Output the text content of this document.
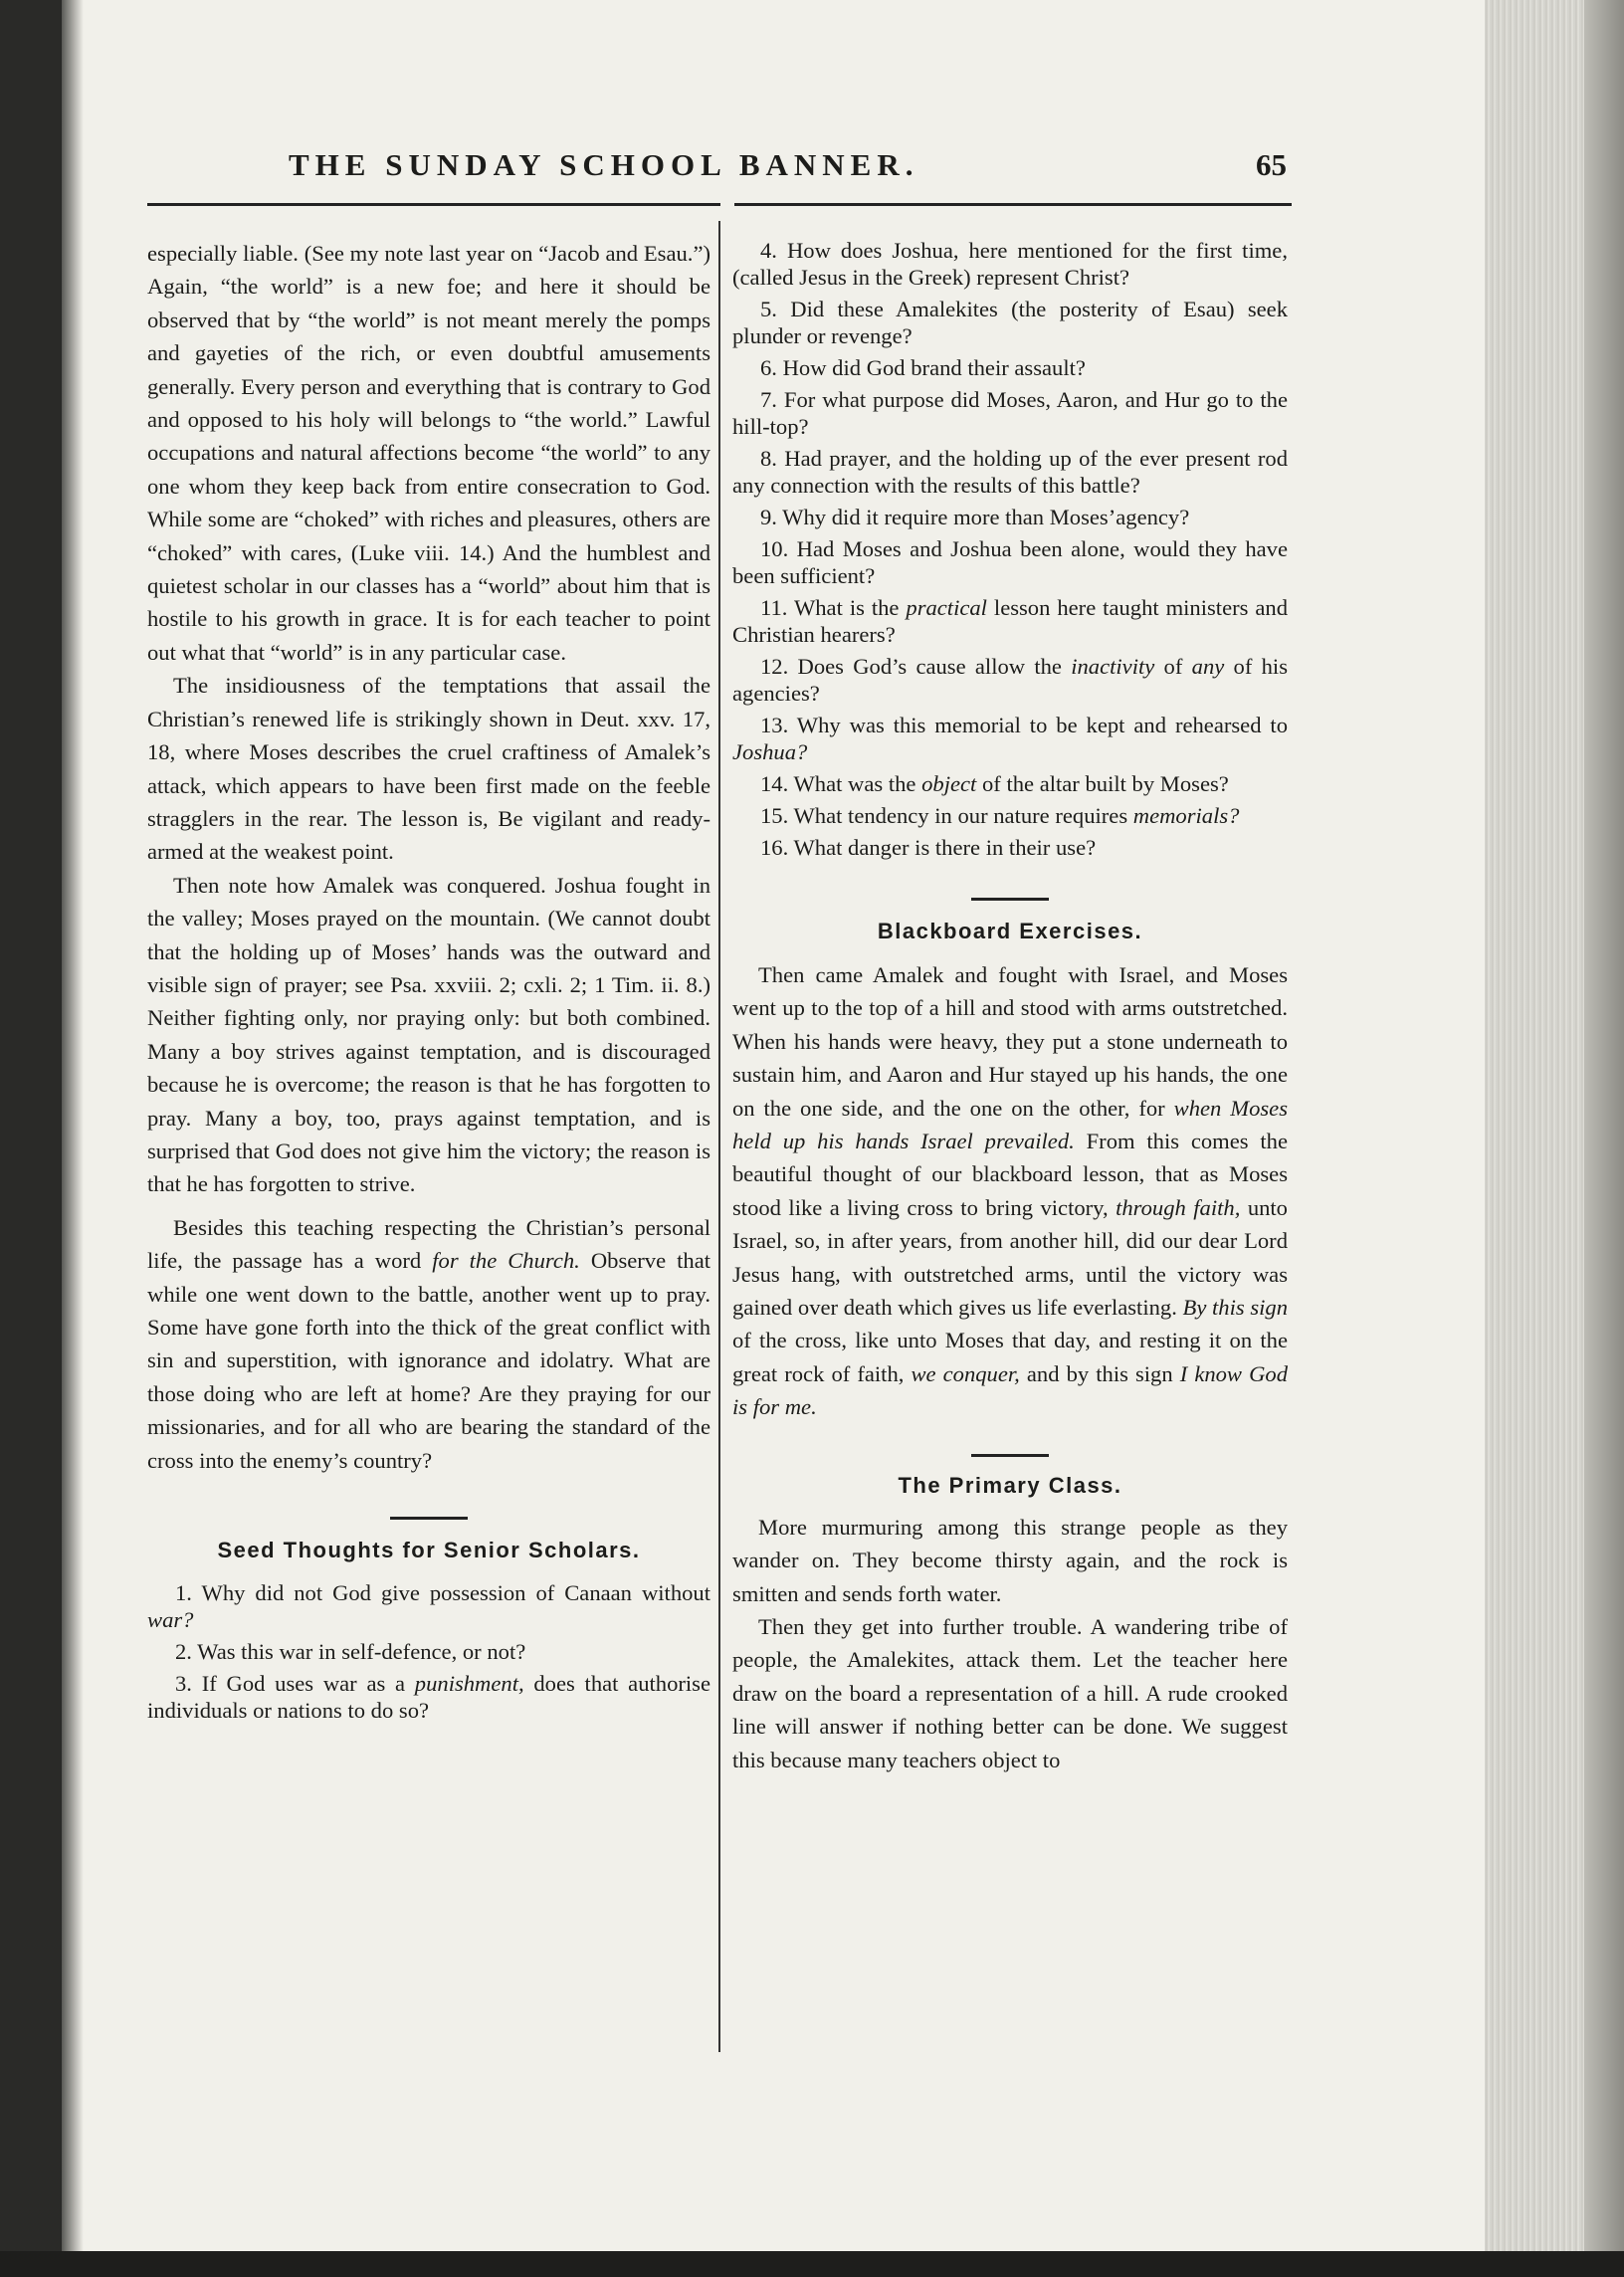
THE SUNDAY SCHOOL BANNER.	65

especially liable. (See my note last year on “Jacob and Esau.”) Again, “the world” is a new foe; and here it should be observed that by “the world” is not meant merely the pomps and gayeties of the rich, or even doubtful amusements generally. Every person and everything that is contrary to God and opposed to his holy will belongs to “the world.” Lawful occupations and natural affections become “the world” to any one whom they keep back from entire consecration to God. While some are “choked” with riches and pleasures, others are “choked” with cares, (Luke viii. 14.) And the humblest and quietest scholar in our classes has a “world” about him that is hostile to his growth in grace. It is for each teacher to point out what that “world” is in any particular case.

The insidiousness of the temptations that assail the Christian’s renewed life is strikingly shown in Deut. xxv. 17, 18, where Moses describes the cruel craftiness of Amalek’s attack, which appears to have been first made on the feeble stragglers in the rear. The lesson is, Be vigilant and ready-armed at the weakest point.

Then note how Amalek was conquered. Joshua fought in the valley; Moses prayed on the mountain. (We cannot doubt that the holding up of Moses’ hands was the outward and visible sign of prayer; see Psa. xxviii. 2; cxli. 2; 1 Tim. ii. 8.) Neither fighting only, nor praying only: but both combined. Many a boy strives against temptation, and is discouraged because he is overcome; the reason is that he has forgotten to pray. Many a boy, too, prays against temptation, and is surprised that God does not give him the victory; the reason is that he has forgotten to strive.

Besides this teaching respecting the Christian’s personal life, the passage has a word for the Church. Observe that while one went down to the battle, another went up to pray. Some have gone forth into the thick of the great conflict with sin and superstition, with ignorance and idolatry. What are those doing who are left at home? Are they praying for our missionaries, and for all who are bearing the standard of the cross into the enemy’s country?

Seed Thoughts for Senior Scholars.
1. Why did not God give possession of Canaan without war?
2. Was this war in self-defence, or not?
3. If God uses war as a punishment, does that authorise individuals or nations to do so?
4. How does Joshua, here mentioned for the first time, (called Jesus in the Greek) represent Christ?
5. Did these Amalekites (the posterity of Esau) seek plunder or revenge?
6. How did God brand their assault?
7. For what purpose did Moses, Aaron, and Hur go to the hill-top?
8. Had prayer, and the holding up of the ever present rod any connection with the results of this battle?
9. Why did it require more than Moses’agency?
10. Had Moses and Joshua been alone, would they have been sufficient?
11. What is the practical lesson here taught ministers and Christian hearers?
12. Does God’s cause allow the inactivity of any of his agencies?
13. Why was this memorial to be kept and rehearsed to Joshua?
14. What was the object of the altar built by Moses?
15. What tendency in our nature requires memorials?
16. What danger is there in their use?
Blackboard Exercises.

Then came Amalek and fought with Israel, and Moses went up to the top of a hill and stood with arms outstretched. When his hands were heavy, they put a stone underneath to sustain him, and Aaron and Hur stayed up his hands, the one on the one side, and the one on the other, for when Moses held up his hands Israel prevailed. From this comes the beautiful thought of our blackboard lesson, that as Moses stood like a living cross to bring victory, through faith, unto Israel, so, in after years, from another hill, did our dear Lord Jesus hang, with outstretched arms, until the victory was gained over death which gives us life everlasting. By this sign of the cross, like unto Moses that day, and resting it on the great rock of faith, we conquer, and by this sign I know God is for me.

The Primary Class.

More murmuring among this strange people as they wander on. They become thirsty again, and the rock is smitten and sends forth water.

Then they get into further trouble. A wandering tribe of people, the Amalekites, attack them. Let the teacher here draw on the board a representation of a hill. A rude crooked line will answer if nothing better can be done. We suggest this because many teachers object to
